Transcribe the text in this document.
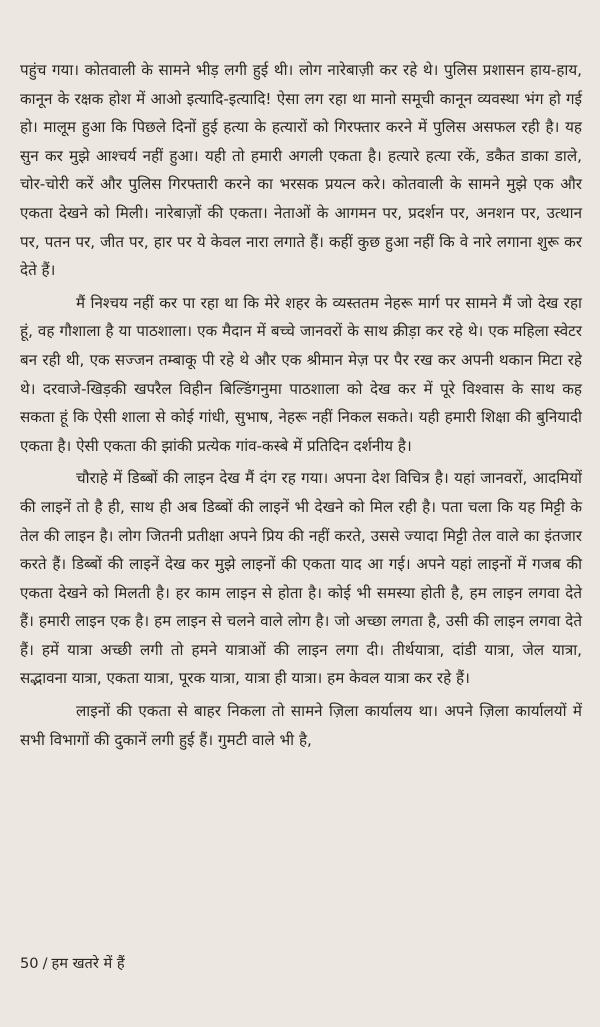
पहुंच गया। कोतवाली के सामने भीड़ लगी हुई थी। लोग नारेबाज़ी कर रहे थे। पुलिस प्रशासन हाय-हाय, कानून के रक्षक होश में आओ इत्यादि-इत्यादि! ऐसा लग रहा था मानो समूची कानून व्यवस्था भंग हो गई हो। मालूम हुआ कि पिछले दिनों हुई हत्या के हत्यारों को गिरफ्तार करने में पुलिस असफल रही है। यह सुन कर मुझे आश्चर्य नहीं हुआ। यही तो हमारी अगली एकता है। हत्यारे हत्या रकें, डकैत डाका डाले, चोर-चोरी करें और पुलिस गिरफ्तारी करने का भरसक प्रयत्न करे। कोतवाली के सामने मुझे एक और एकता देखने को मिली। नारेबाज़ों की एकता। नेताओं के आगमन पर, प्रदर्शन पर, अनशन पर, उत्थान पर, पतन पर, जीत पर, हार पर ये केवल नारा लगाते हैं। कहीं कुछ हुआ नहीं कि वे नारे लगाना शुरू कर देते हैं।

मैं निश्चय नहीं कर पा रहा था कि मेरे शहर के व्यस्ततम नेहरू मार्ग पर सामने मैं जो देख रहा हूं, वह गौशाला है या पाठशाला। एक मैदान में बच्चे जानवरों के साथ क्रीड़ा कर रहे थे। एक महिला स्वेटर बन रही थी, एक सज्जन तम्बाकू पी रहे थे और एक श्रीमान मेज़ पर पैर रख कर अपनी थकान मिटा रहे थे। दरवाजे-खिड़की खपरैल विहीन बिल्डिंगनुमा पाठशाला को देख कर में पूरे विश्वास के साथ कह सकता हूं कि ऐसी शाला से कोई गांधी, सुभाष, नेहरू नहीं निकल सकते। यही हमारी शिक्षा की बुनियादी एकता है। ऐसी एकता की झांकी प्रत्येक गांव-कस्बे में प्रतिदिन दर्शनीय है।

चौराहे में डिब्बों की लाइन देख मैं दंग रह गया। अपना देश विचित्र है। यहां जानवरों, आदमियों की लाइनें तो है ही, साथ ही अब डिब्बों की लाइनें भी देखने को मिल रही है। पता चला कि यह मिट्टी के तेल की लाइन है। लोग जितनी प्रतीक्षा अपने प्रिय की नहीं करते, उससे ज्यादा मिट्टी तेल वाले का इंतजार करते हैं। डिब्बों की लाइनें देख कर मुझे लाइनों की एकता याद आ गई। अपने यहां लाइनों में गजब की एकता देखने को मिलती है। हर काम लाइन से होता है। कोई भी समस्या होती है, हम लाइन लगवा देते हैं। हमारी लाइन एक है। हम लाइन से चलने वाले लोग है। जो अच्छा लगता है, उसी की लाइन लगवा देते हैं। हमें यात्रा अच्छी लगी तो हमने यात्राओं की लाइन लगा दी। तीर्थयात्रा, दांडी यात्रा, जेल यात्रा, सद्भावना यात्रा, एकता यात्रा, पूरक यात्रा, यात्रा ही यात्रा। हम केवल यात्रा कर रहे हैं।

लाइनों की एकता से बाहर निकला तो सामने ज़िला कार्यालय था। अपने ज़िला कार्यालयों में सभी विभागों की दुकानें लगी हुई हैं। गुमटी वाले भी है,

50 / हम खतरे में हैं
